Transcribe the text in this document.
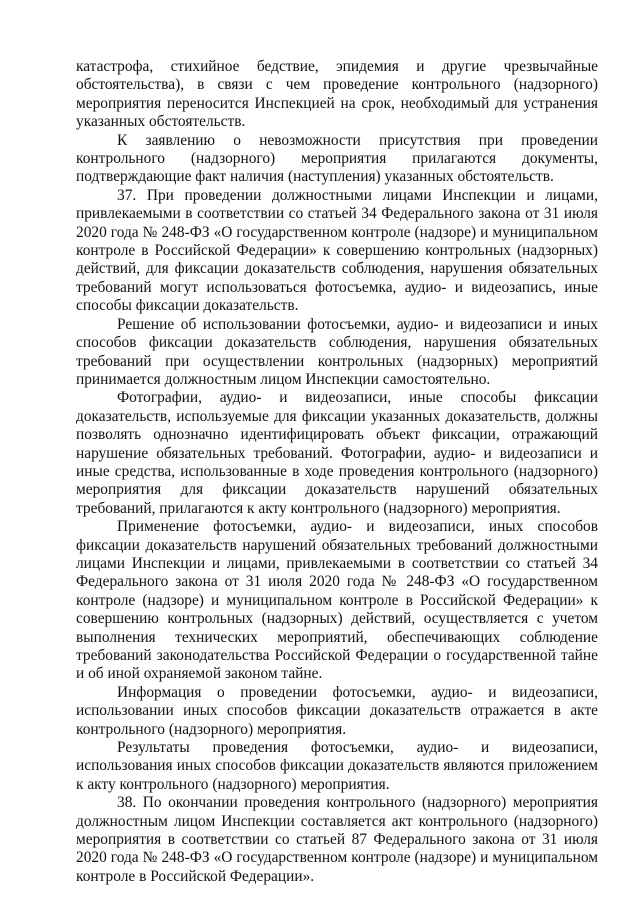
катастрофа, стихийное бедствие, эпидемия и другие чрезвычайные обстоятельства), в связи с чем проведение контрольного (надзорного) мероприятия переносится Инспекцией на срок, необходимый для устранения указанных обстоятельств.

К заявлению о невозможности присутствия при проведении контрольного (надзорного) мероприятия прилагаются документы, подтверждающие факт наличия (наступления) указанных обстоятельств.

37. При проведении должностными лицами Инспекции и лицами, привлекаемыми в соответствии со статьей 34 Федерального закона от 31 июля 2020 года № 248-ФЗ «О государственном контроле (надзоре) и муниципальном контроле в Российской Федерации» к совершению контрольных (надзорных) действий, для фиксации доказательств соблюдения, нарушения обязательных требований могут использоваться фотосъемка, аудио- и видеозапись, иные способы фиксации доказательств.

Решение об использовании фотосъемки, аудио- и видеозаписи и иных способов фиксации доказательств соблюдения, нарушения обязательных требований при осуществлении контрольных (надзорных) мероприятий принимается должностным лицом Инспекции самостоятельно.

Фотографии, аудио- и видеозаписи, иные способы фиксации доказательств, используемые для фиксации указанных доказательств, должны позволять однозначно идентифицировать объект фиксации, отражающий нарушение обязательных требований. Фотографии, аудио- и видеозаписи и иные средства, использованные в ходе проведения контрольного (надзорного) мероприятия для фиксации доказательств нарушений обязательных требований, прилагаются к акту контрольного (надзорного) мероприятия.

Применение фотосъемки, аудио- и видеозаписи, иных способов фиксации доказательств нарушений обязательных требований должностными лицами Инспекции и лицами, привлекаемыми в соответствии со статьей 34 Федерального закона от 31 июля 2020 года № 248-ФЗ «О государственном контроле (надзоре) и муниципальном контроле в Российской Федерации» к совершению контрольных (надзорных) действий, осуществляется с учетом выполнения технических мероприятий, обеспечивающих соблюдение требований законодательства Российской Федерации о государственной тайне и об иной охраняемой законом тайне.

Информация о проведении фотосъемки, аудио- и видеозаписи, использовании иных способов фиксации доказательств отражается в акте контрольного (надзорного) мероприятия.

Результаты проведения фотосъемки, аудио- и видеозаписи, использования иных способов фиксации доказательств являются приложением к акту контрольного (надзорного) мероприятия.

38. По окончании проведения контрольного (надзорного) мероприятия должностным лицом Инспекции составляется акт контрольного (надзорного) мероприятия в соответствии со статьей 87 Федерального закона от 31 июля 2020 года № 248-ФЗ «О государственном контроле (надзоре) и муниципальном контроле в Российской Федерации».
